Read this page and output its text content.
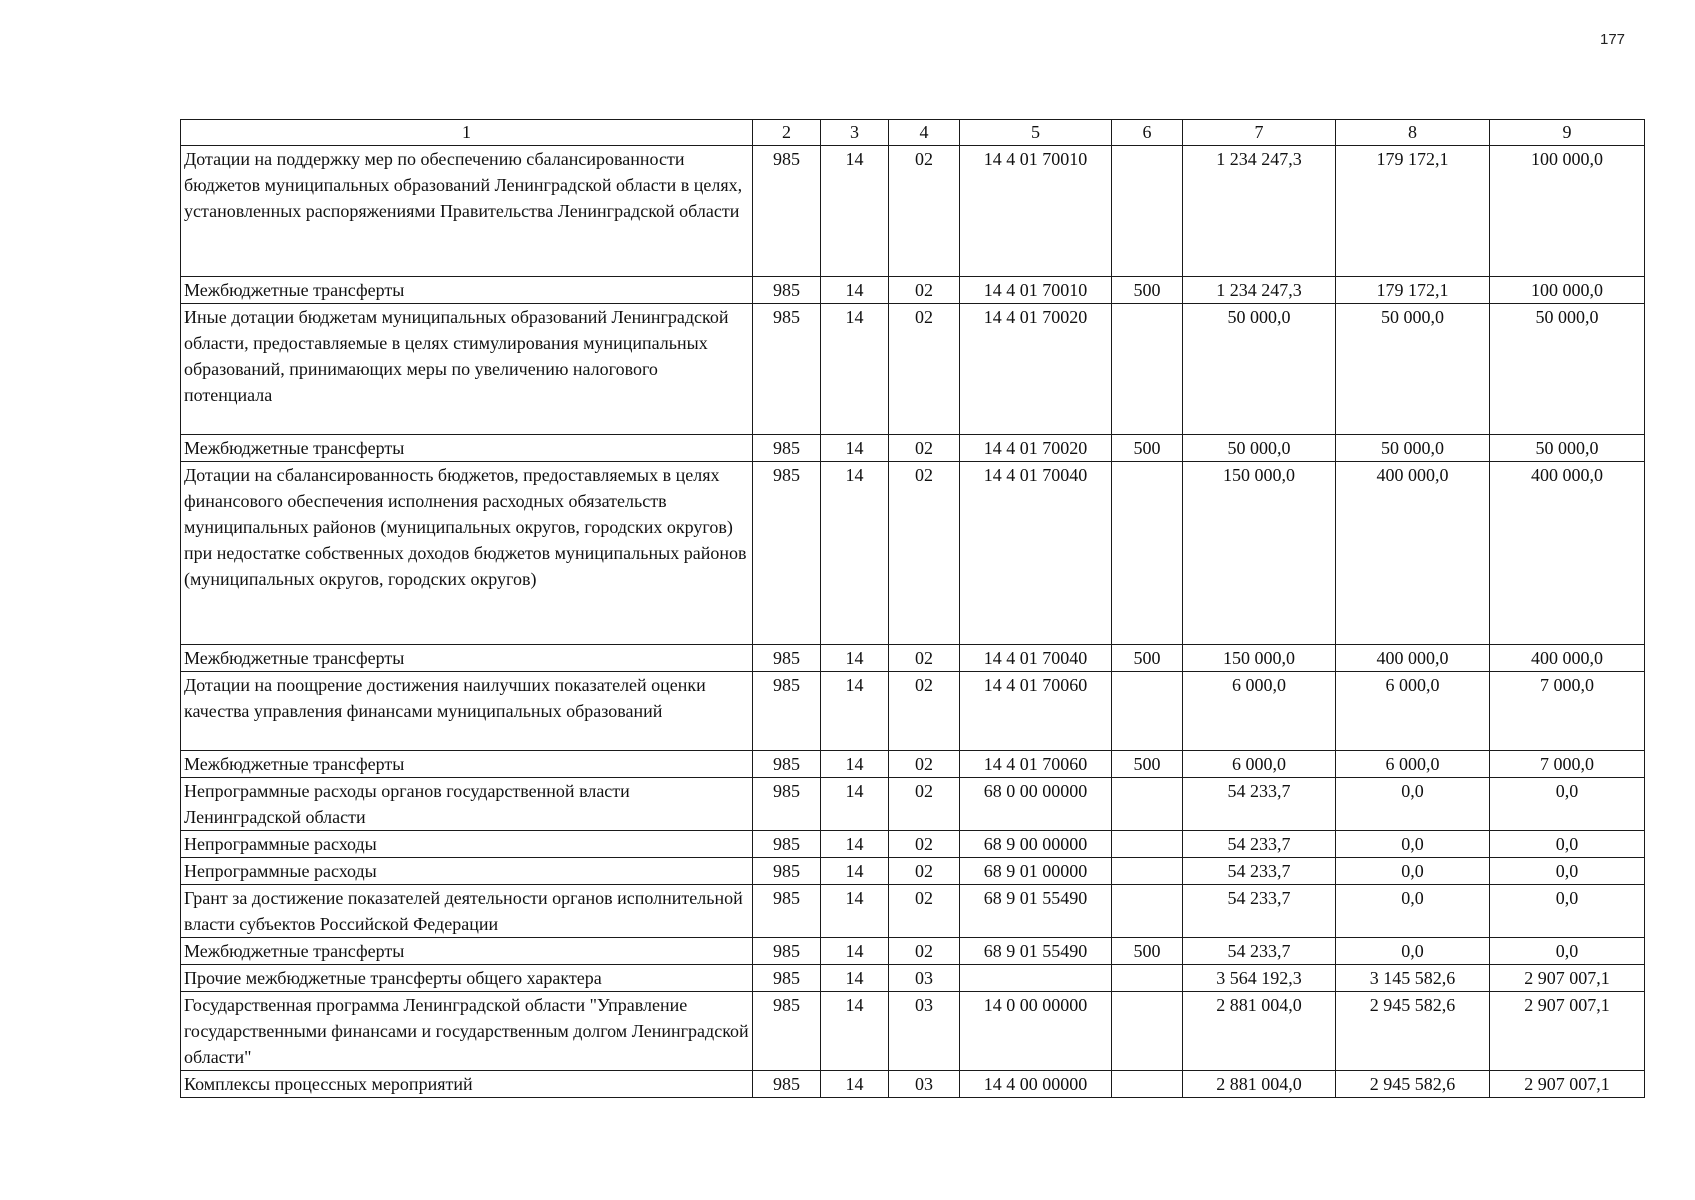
177
1	2	3	4	5	6	7	8	9
Дотации на поддержку мер по обеспечению сбалансированности бюджетов муниципальных образований Ленинградской области в целях, установленных распоряжениями Правительства Ленинградской области	985	14	02	14 4 01 70010		1 234 247,3	179 172,1	100 000,0
Межбюджетные трансферты	985	14	02	14 4 01 70010	500	1 234 247,3	179 172,1	100 000,0
Иные дотации бюджетам муниципальных образований Ленинградской области, предоставляемые в целях стимулирования муниципальных образований, принимающих меры по увеличению налогового потенциала	985	14	02	14 4 01 70020		50 000,0	50 000,0	50 000,0
Межбюджетные трансферты	985	14	02	14 4 01 70020	500	50 000,0	50 000,0	50 000,0
Дотации на сбалансированность бюджетов, предоставляемых в целях финансового обеспечения исполнения расходных обязательств муниципальных районов (муниципальных округов, городских округов) при недостатке собственных доходов бюджетов муниципальных районов (муниципальных округов, городских округов)	985	14	02	14 4 01 70040		150 000,0	400 000,0	400 000,0
Межбюджетные трансферты	985	14	02	14 4 01 70040	500	150 000,0	400 000,0	400 000,0
Дотации на поощрение достижения наилучших показателей оценки качества управления финансами муниципальных образований	985	14	02	14 4 01 70060		6 000,0	6 000,0	7 000,0
Межбюджетные трансферты	985	14	02	14 4 01 70060	500	6 000,0	6 000,0	7 000,0
Непрограммные расходы органов государственной власти Ленинградской области	985	14	02	68 0 00 00000		54 233,7	0,0	0,0
Непрограммные расходы	985	14	02	68 9 00 00000		54 233,7	0,0	0,0
Непрограммные расходы	985	14	02	68 9 01 00000		54 233,7	0,0	0,0
Грант за достижение показателей деятельности органов исполнительной власти субъектов Российской Федерации	985	14	02	68 9 01 55490		54 233,7	0,0	0,0
Межбюджетные трансферты	985	14	02	68 9 01 55490	500	54 233,7	0,0	0,0
Прочие межбюджетные трансферты общего характера	985	14	03			3 564 192,3	3 145 582,6	2 907 007,1
Государственная программа Ленинградской области "Управление государственными финансами и государственным долгом Ленинградской области"	985	14	03	14 0 00 00000		2 881 004,0	2 945 582,6	2 907 007,1
Комплексы процессных мероприятий	985	14	03	14 4 00 00000		2 881 004,0	2 945 582,6	2 907 007,1
